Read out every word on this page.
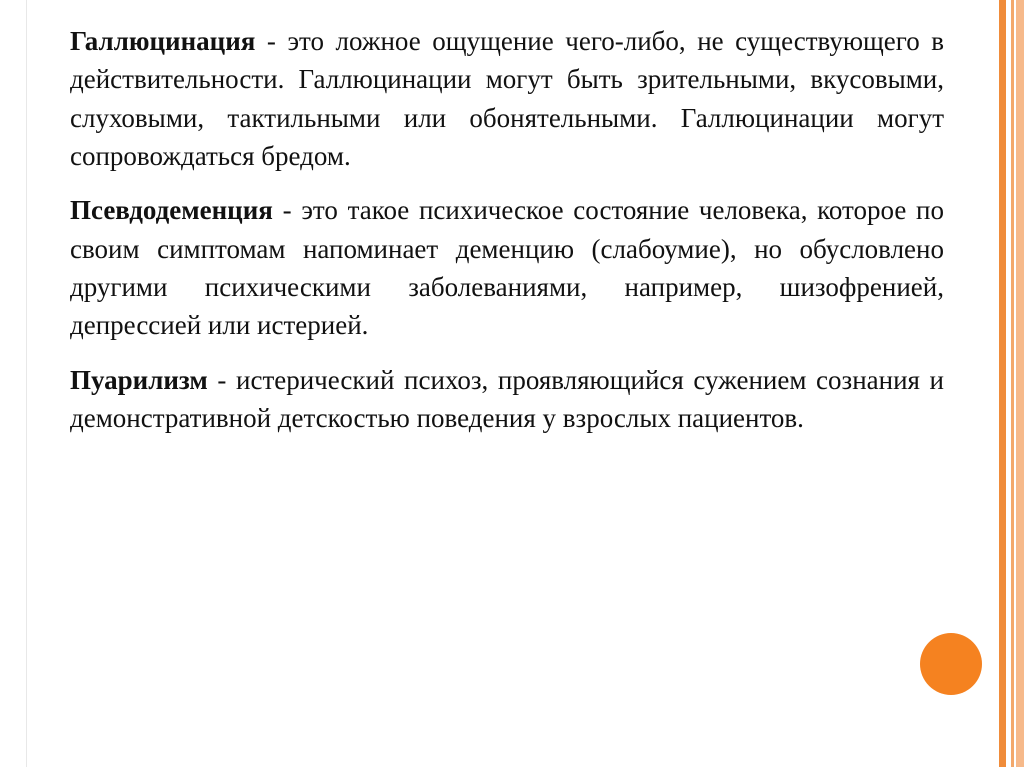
Галлюцинация - это ложное ощущение чего-либо, не существующего в действительности. Галлюцинации могут быть зрительными, вкусовыми, слуховыми, тактильными или обонятельными. Галлюцинации могут сопровождаться бредом.

Псевдодеменция - это такое психическое состояние человека, которое по своим симптомам напоминает деменцию (слабоумие), но обусловлено другими психическими заболеваниями, например, шизофренией, депрессией или истерией.

Пуарилизм - истерический психоз, проявляющийся сужением сознания и демонстративной детскостью поведения у взрослых пациентов.
